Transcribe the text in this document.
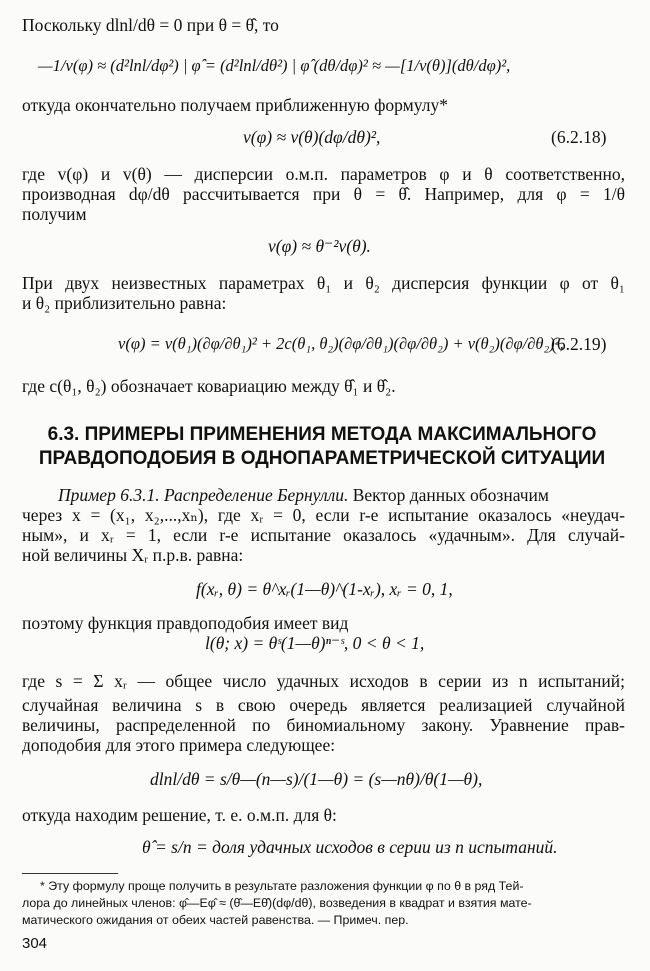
Поскольку dlnl/dθ = 0 при θ = θ̂, то
—1/v(φ) ≈ (d²lnl/dφ²) | φ̂ = (d²lnl/dθ²) | φ̂ (dθ/dφ)² ≈ —[1/v(θ)](dθ/dφ)²,
откуда окончательно получаем приближенную формулу*
v(φ) ≈ v(θ)(dφ/dθ)²,	(6.2.18)
где v(φ) и v(θ) — дисперсии о.м.п. параметров φ и θ соответственно,
производная dφ/dθ рассчитывается при θ = θ̂. Например, для φ = 1/θ
получим
v(φ) ≈ θ⁻²v(θ).
При двух неизвестных параметрах θ₁ и θ₂ дисперсия функции φ от θ₁
и θ₂ приблизительно равна:
v(φ) = v(θ₁)(∂φ/∂θ₁)² + 2c(θ₁, θ₂)(∂φ/∂θ₁)(∂φ/∂θ₂) + v(θ₂)(∂φ/∂θ₂)²,
(6.2.19)
где c(θ₁, θ₂) обозначает ковариацию между θ̂₁ и θ̂₂.
6.3. ПРИМЕРЫ ПРИМЕНЕНИЯ МЕТОДА МАКСИМАЛЬНОГО
ПРАВДОПОДОБИЯ В ОДНОПАРАМЕТРИЧЕСКОЙ СИТУАЦИИ
Пример 6.3.1. Распределение Бернулли. Вектор данных обозначим
через x = (x₁, x₂,...,xₙ), где xᵣ = 0, если r-е испытание оказалось «неудач-
ным», и xᵣ = 1, если r-е испытание оказалось «удачным». Для случай-
ной величины Xᵣ п.р.в. равна:
f(xᵣ, θ) = θ^xᵣ(1—θ)^(1-xᵣ), xᵣ = 0, 1,
поэтому функция правдоподобия имеет вид
l(θ; x) = θˢ(1—θ)ⁿ⁻ˢ, 0 < θ < 1,
где s = Σ xᵣ — общее число удачных исходов в серии из n испытаний;
случайная величина s в свою очередь является реализацией случайной
величины, распределенной по биномиальному закону. Уравнение прав-
доподобия для этого примера следующее:
dlnl/dθ = s/θ—(n—s)/(1—θ) = (s—nθ)/θ(1—θ),
откуда находим решение, т. е. о.м.п. для θ:
θ̂ = s/n = доля удачных исходов в серии из n испытаний.
* Эту формулу проще получить в результате разложения функции φ по θ в ряд Тей-
лора до линейных членов: φ̂—Eφ̂ ≈ (θ̂—Eθ̂)(dφ/dθ), возведения в квадрат и взятия мате-
матического ожидания от обеих частей равенства. — Примеч. пер.
304
